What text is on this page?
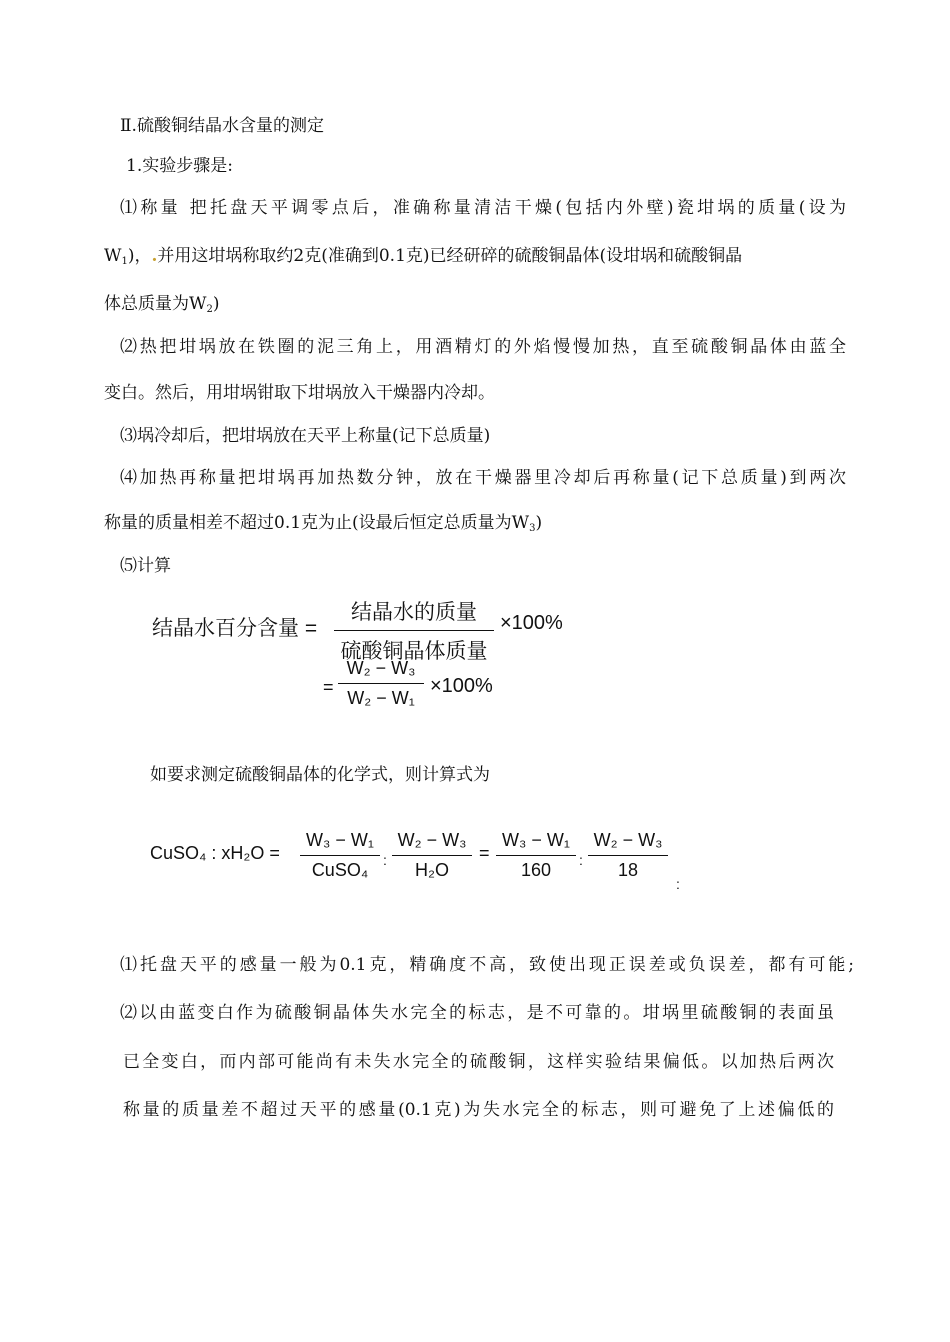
Ⅱ.硫酸铜结晶水含量的测定
1.实验步骤是:
⑴称量 把托盘天平调零点后，准确称量清洁干燥(包括内外壁)瓷坩埚的质量(设为
$W_1$)，.并用这坩埚称取约2克(准确到0.1克)已经研碎的硫酸铜晶体(设坩埚和硫酸铜晶
体总质量为$W_2$)
⑵热把坩埚放在铁圈的泥三角上，用酒精灯的外焰慢慢加热，直至硫酸铜晶体由蓝全
变白。然后，用坩埚钳取下坩埚放入干燥器内冷却。
⑶埚冷却后，把坩埚放在天平上称量(记下总质量)
⑷加热再称量把坩埚再加热数分钟，放在干燥器里冷却后再称量(记下总质量)到两次
称量的质量相差不超过0.1克为止(设最后恒定总质量为$W_3$)
⑸计算
结晶水百分含量 =
结晶水的质量
硫酸铜晶体质量
×100%
=
W₂ − W₃
W₂ − W₁
×100%
如要求测定硫酸铜晶体的化学式，则计算式为
CuSO₄ : xH₂O =
W₃ − W₁
CuSO₄	:
W₂ − W₃
H₂O
=
W₃ − W₁
160	:
W₂ − W₃
18
:
⑴托盘天平的感量一般为0.1克，精确度不高，致使出现正误差或负误差，都有可能;
⑵以由蓝变白作为硫酸铜晶体失水完全的标志，是不可靠的。坩埚里硫酸铜的表面虽
已全变白，而内部可能尚有未失水完全的硫酸铜，这样实验结果偏低。以加热后两次
称量的质量差不超过天平的感量(0.1克)为失水完全的标志，则可避免了上述偏低的
